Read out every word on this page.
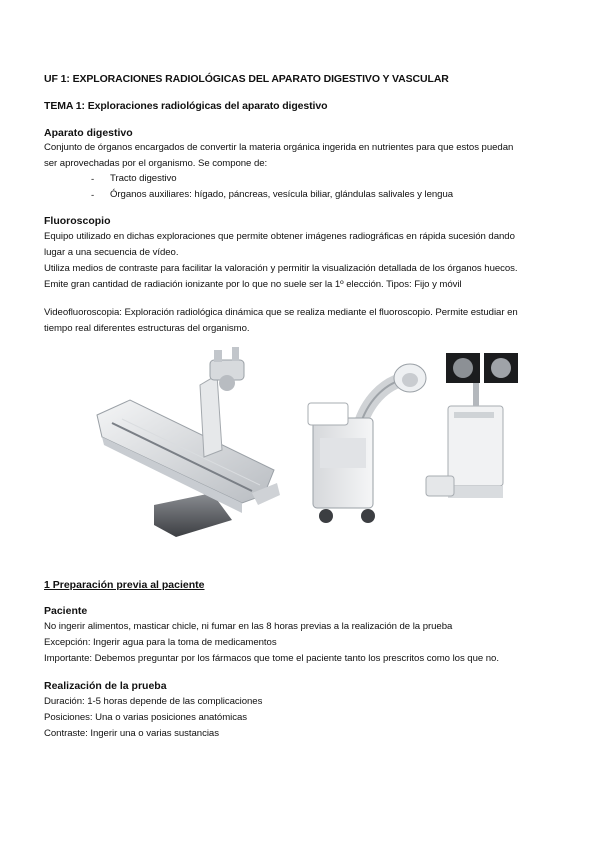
UF 1: EXPLORACIONES RADIOLÓGICAS DEL APARATO DIGESTIVO Y VASCULAR
TEMA 1: Exploraciones radiológicas del aparato digestivo
Aparato digestivo
Conjunto de órganos encargados de convertir la materia orgánica ingerida en nutrientes para que estos puedan
ser aprovechadas por el organismo. Se compone de:
- Tracto digestivo
- Órganos auxiliares: hígado, páncreas, vesícula biliar, glándulas salivales y lengua
Fluoroscopio
Equipo utilizado en dichas exploraciones que permite obtener imágenes radiográficas en rápida sucesión dando
lugar a una secuencia de vídeo.
Utiliza medios de contraste para facilitar la valoración y permitir la visualización detallada de los órganos huecos.
Emite gran cantidad de radiación ionizante por lo que no suele ser la 1º elección. Tipos: Fijo y móvil
Videofluoroscopia: Exploración radiológica dinámica que se realiza mediante el fluoroscopio. Permite estudiar en
tiempo real diferentes estructuras del organismo.
1 Preparación previa al paciente
Paciente
No ingerir alimentos, masticar chicle, ni fumar en las 8 horas previas a la realización de la prueba
Excepción: Ingerir agua para la toma de medicamentos
Importante: Debemos preguntar por los fármacos que tome el paciente tanto los prescritos como los que no.
Realización de la prueba
Duración: 1-5 horas depende de las complicaciones
Posiciones: Una o varias posiciones anatómicas
Contraste: Ingerir una o varias sustancias
